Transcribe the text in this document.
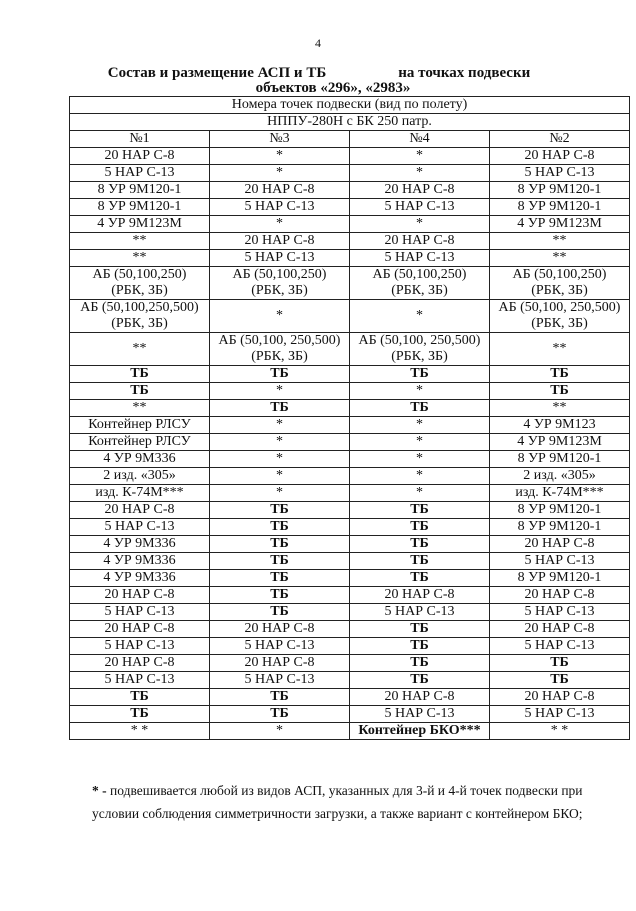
4
Состав и размещение АСП и ТБ	на точках подвески
объектов «296», «2983»
Номера точек подвески (вид по полету)			
НППУ-280Н с БК 250 патр.			
№1	№3	№4	№2
20 НАР С-8	*	*	20 НАР С-8
5 НАР С-13	*	*	5 НАР С-13
8 УР 9М120-1	20 НАР С-8	20 НАР С-8	8 УР 9М120-1
8 УР 9М120-1	5 НАР С-13	5 НАР С-13	8 УР 9М120-1
4 УР 9М123М	*	*	4 УР 9М123М
**	20 НАР С-8	20 НАР С-8	**
**	5 НАР С-13	5 НАР С-13	**
АБ (50,100,250)
(РБК, ЗБ)	АБ (50,100,250)
(РБК, ЗБ)	АБ (50,100,250)
(РБК, ЗБ)	АБ (50,100,250)
(РБК, ЗБ)
АБ (50,100,250,500)
(РБК, ЗБ)	*	*	АБ (50,100, 250,500)
(РБК, ЗБ)
**	АБ (50,100, 250,500)
(РБК, ЗБ)	АБ (50,100, 250,500)
(РБК, ЗБ)	**
ТБ	ТБ	ТБ	ТБ
ТБ	*	*	ТБ
**	ТБ	ТБ	**
Контейнер РЛСУ	*	*	4 УР 9М123
Контейнер РЛСУ	*	*	4 УР 9М123М
4 УР 9М336	*	*	8 УР 9М120-1
2 изд. «305»	*	*	2 изд. «305»
изд. К-74М***	*	*	изд. К-74М***
20 НАР С-8	ТБ	ТБ	8 УР 9М120-1
5 НАР С-13	ТБ	ТБ	8 УР 9М120-1
4 УР 9М336	ТБ	ТБ	20 НАР С-8
4 УР 9М336	ТБ	ТБ	5 НАР С-13
4 УР 9М336	ТБ	ТБ	8 УР 9М120-1
20 НАР С-8	ТБ	20 НАР С-8	20 НАР С-8
5 НАР С-13	ТБ	5 НАР С-13	5 НАР С-13
20 НАР С-8	20 НАР С-8	ТБ	20 НАР С-8
5 НАР С-13	5 НАР С-13	ТБ	5 НАР С-13
20 НАР С-8	20 НАР С-8	ТБ	ТБ
5 НАР С-13	5 НАР С-13	ТБ	ТБ
ТБ	ТБ	20 НАР С-8	20 НАР С-8
ТБ	ТБ	5 НАР С-13	5 НАР С-13
* *	*	Контейнер БКО***	* *
* - подвешивается любой из видов АСП, указанных для 3-й и 4-й точек подвески при условии соблюдения симметричности загрузки, а также вариант с контейнером БКО;
